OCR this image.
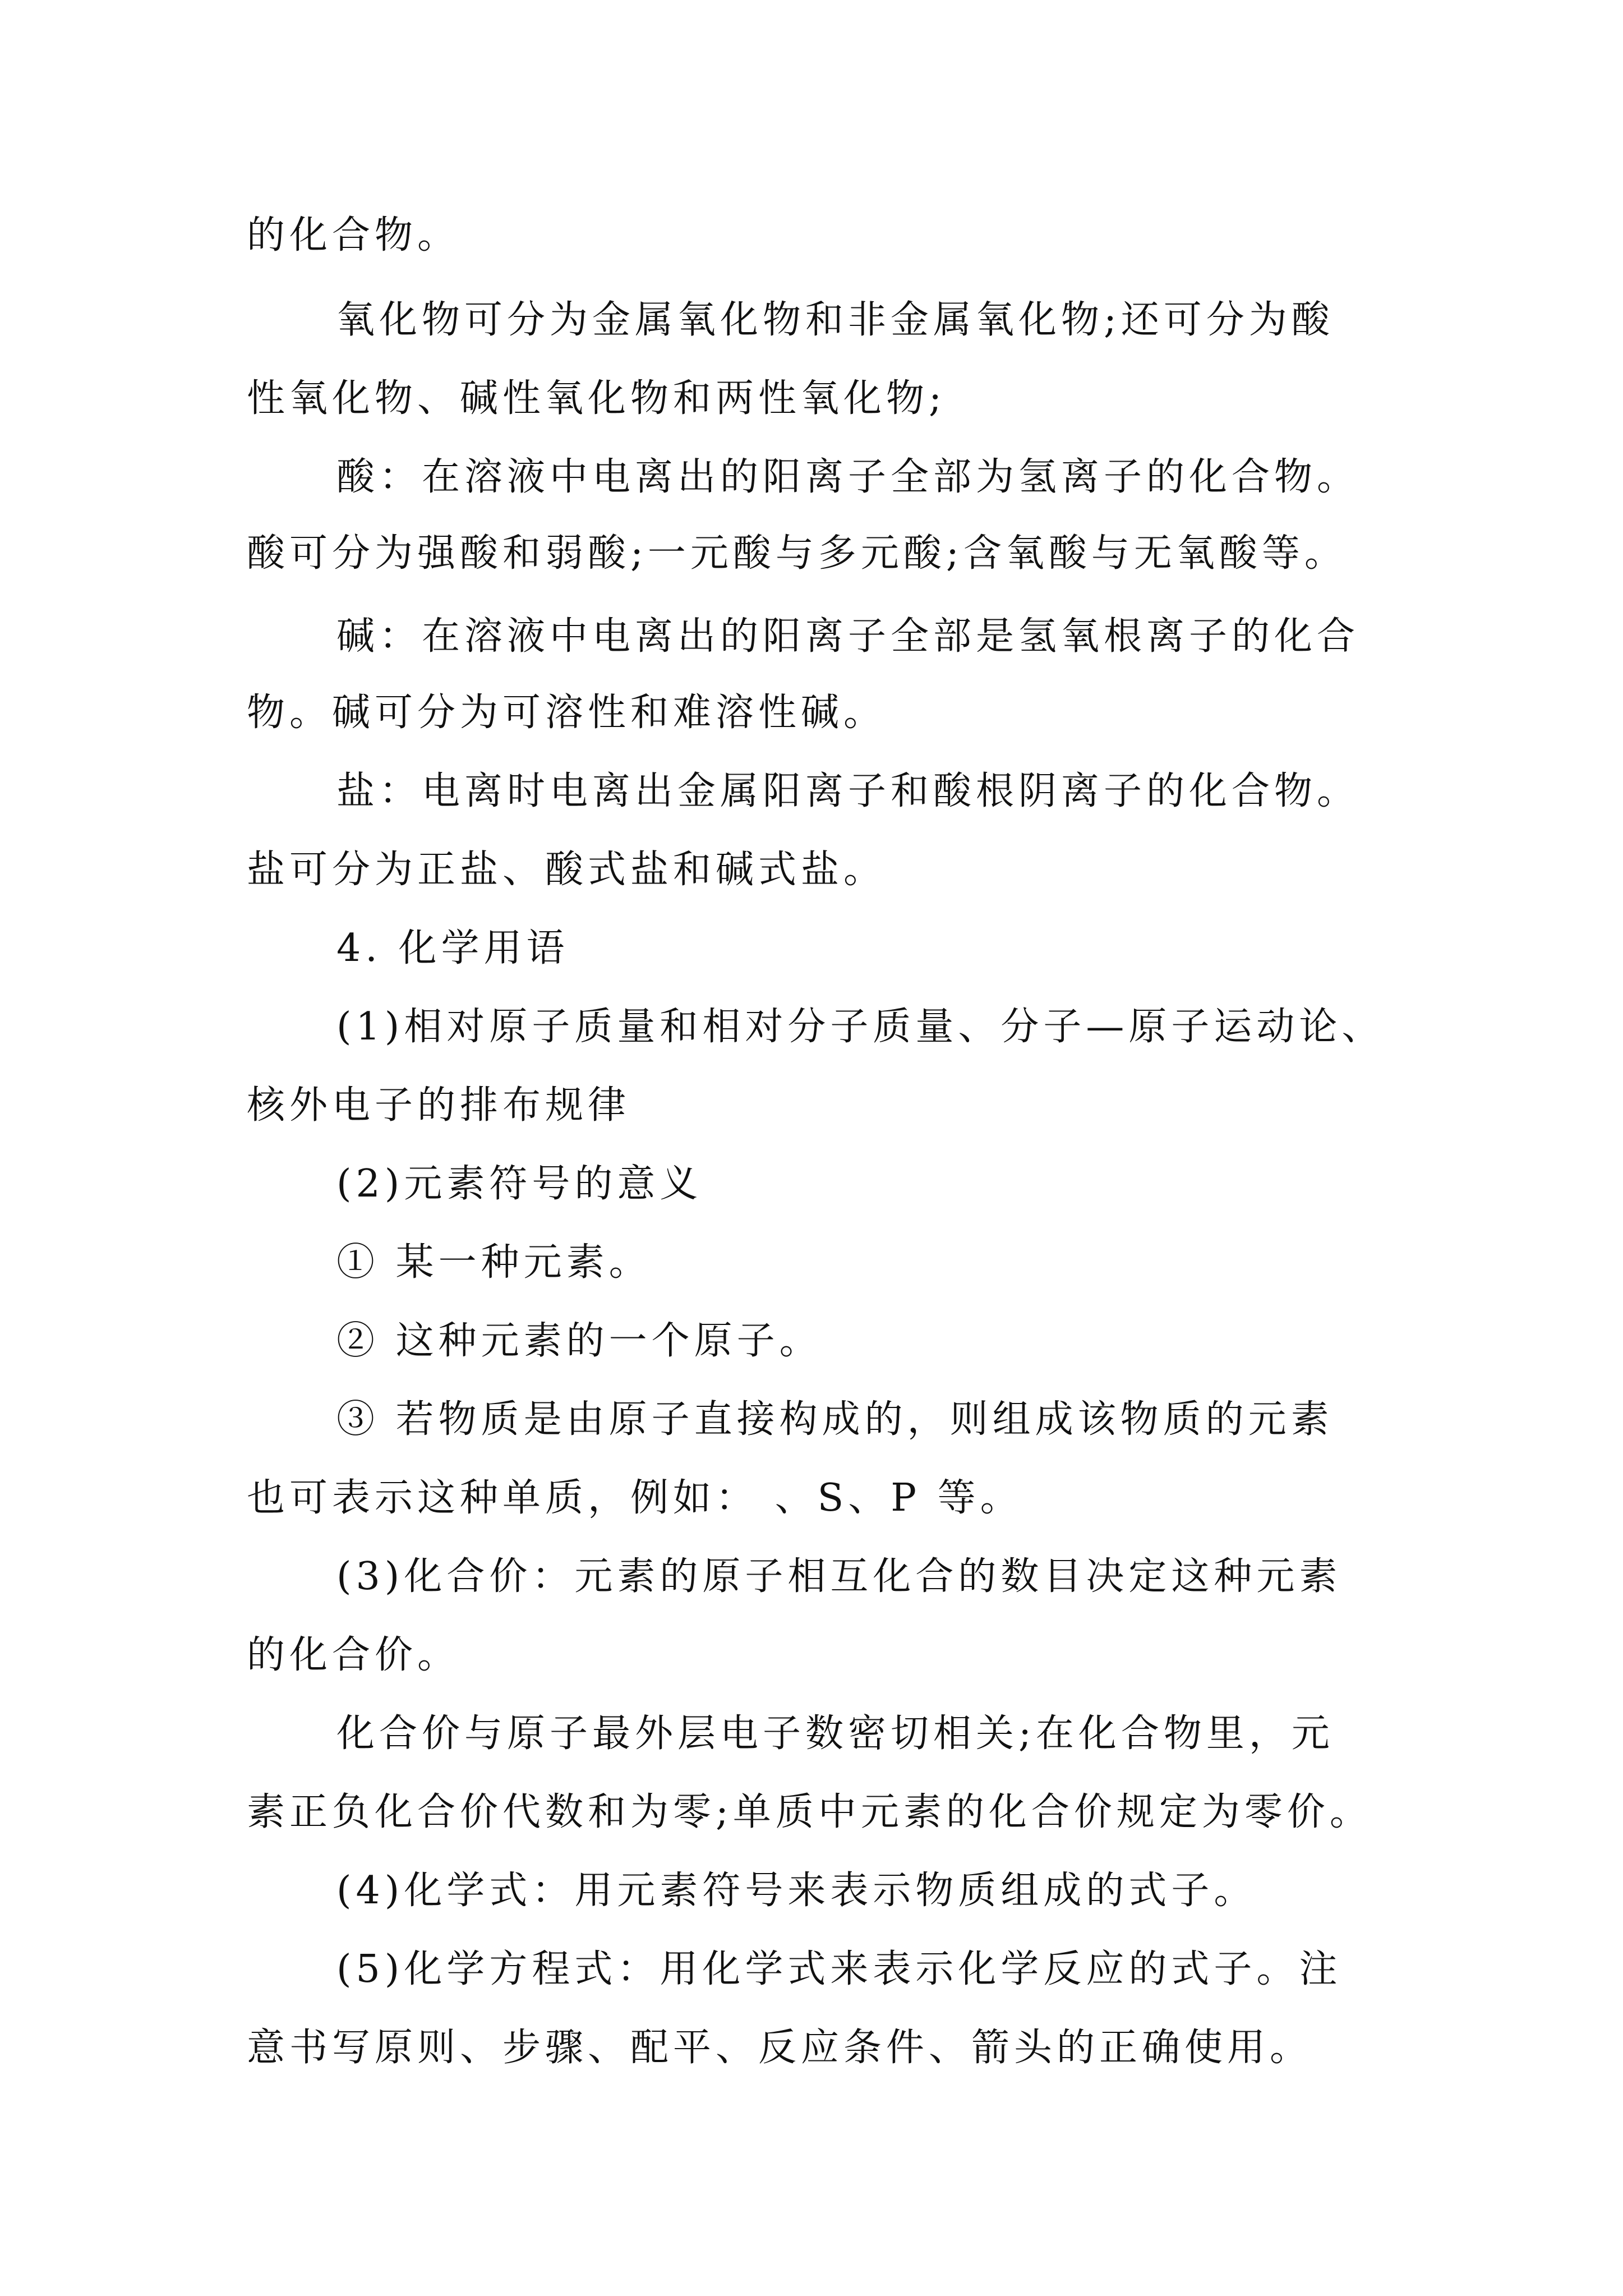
的化合物。
氧化物可分为金属氧化物和非金属氧化物;还可分为酸
性氧化物、碱性氧化物和两性氧化物;
酸：在溶液中电离出的阳离子全部为氢离子的化合物。
酸可分为强酸和弱酸;一元酸与多元酸;含氧酸与无氧酸等。
碱：在溶液中电离出的阳离子全部是氢氧根离子的化合
物。碱可分为可溶性和难溶性碱。
盐：电离时电离出金属阳离子和酸根阴离子的化合物。
盐可分为正盐、酸式盐和碱式盐。
4. 化学用语
(1)相对原子质量和相对分子质量、分子—原子运动论、
核外电子的排布规律
(2)元素符号的意义
① 某一种元素。
② 这种元素的一个原子。
③ 若物质是由原子直接构成的，则组成该物质的元素
也可表示这种单质，例如： 、S、P 等。
(3)化合价：元素的原子相互化合的数目决定这种元素
的化合价。
化合价与原子最外层电子数密切相关;在化合物里，元
素正负化合价代数和为零;单质中元素的化合价规定为零价。
(4)化学式：用元素符号来表示物质组成的式子。
(5)化学方程式：用化学式来表示化学反应的式子。注
意书写原则、步骤、配平、反应条件、箭头的正确使用。
